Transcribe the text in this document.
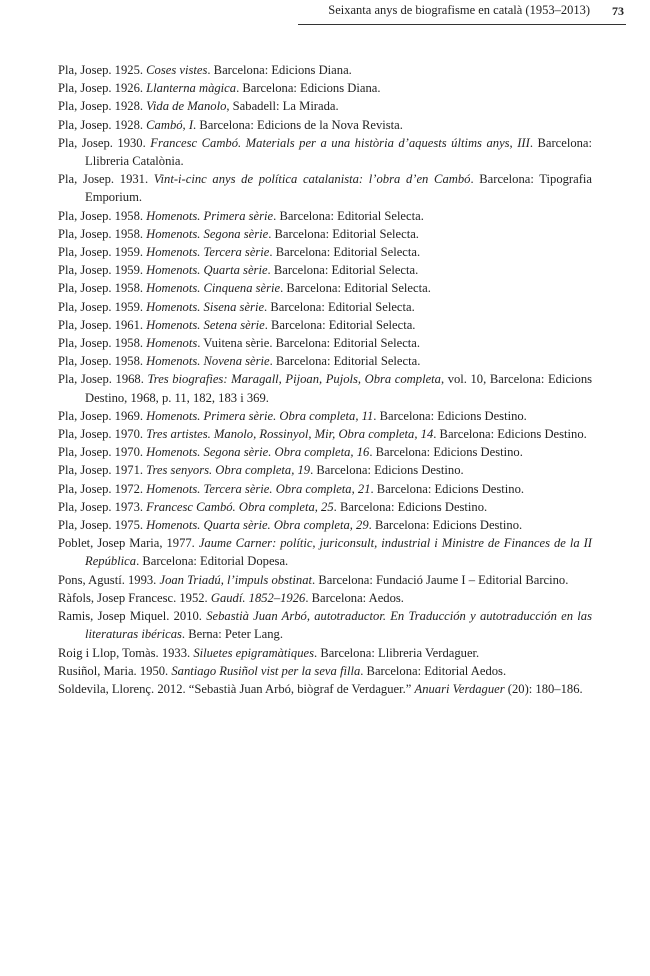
Seixanta anys de biografisme en català (1953–2013) 73

Pla, Josep. 1925. Coses vistes. Barcelona: Edicions Diana.

Pla, Josep. 1926. Llanterna màgica. Barcelona: Edicions Diana.

Pla, Josep. 1928. Vida de Manolo, Sabadell: La Mirada.

Pla, Josep. 1928. Cambó, I. Barcelona: Edicions de la Nova Revista.

Pla, Josep. 1930. Francesc Cambó. Materials per a una història d’aquests últims anys, III. Barcelona: Llibreria Catalònia.

Pla, Josep. 1931. Vint-i-cinc anys de política catalanista: l’obra d’en Cambó. Barcelona: Tipografia Emporium.

Pla, Josep. 1958. Homenots. Primera sèrie. Barcelona: Editorial Selecta.

Pla, Josep. 1958. Homenots. Segona sèrie. Barcelona: Editorial Selecta.

Pla, Josep. 1959. Homenots. Tercera sèrie. Barcelona: Editorial Selecta.

Pla, Josep. 1959. Homenots. Quarta sèrie. Barcelona: Editorial Selecta.

Pla, Josep. 1958. Homenots. Cinquena sèrie. Barcelona: Editorial Selecta.

Pla, Josep. 1959. Homenots. Sisena sèrie. Barcelona: Editorial Selecta.

Pla, Josep. 1961. Homenots. Setena sèrie. Barcelona: Editorial Selecta.

Pla, Josep. 1958. Homenots. Vuitena sèrie. Barcelona: Editorial Selecta.

Pla, Josep. 1958. Homenots. Novena sèrie. Barcelona: Editorial Selecta.

Pla, Josep. 1968. Tres biografies: Maragall, Pijoan, Pujols, Obra completa, vol. 10, Barcelona: Edicions Destino, 1968, p. 11, 182, 183 i 369.

Pla, Josep. 1969. Homenots. Primera sèrie. Obra completa, 11. Barcelona: Edicions Destino.

Pla, Josep. 1970. Tres artistes. Manolo, Rossinyol, Mir, Obra completa, 14. Barcelona: Edicions Destino.

Pla, Josep. 1970. Homenots. Segona sèrie. Obra completa, 16. Barcelona: Edicions Destino.

Pla, Josep. 1971. Tres senyors. Obra completa, 19. Barcelona: Edicions Destino.

Pla, Josep. 1972. Homenots. Tercera sèrie. Obra completa, 21. Barcelona: Edicions Destino.

Pla, Josep. 1973. Francesc Cambó. Obra completa, 25. Barcelona: Edicions Destino.

Pla, Josep. 1975. Homenots. Quarta sèrie. Obra completa, 29. Barcelona: Edicions Destino.

Poblet, Josep Maria, 1977. Jaume Carner: polític, juriconsult, industrial i Ministre de Finances de la II República. Barcelona: Editorial Dopesa.

Pons, Agustí. 1993. Joan Triadú, l’impuls obstinat. Barcelona: Fundació Jaume I – Editorial Barcino.

Ràfols, Josep Francesc. 1952. Gaudí. 1852–1926. Barcelona: Aedos.

Ramis, Josep Miquel. 2010. Sebastià Juan Arbó, autotraductor. En Traducción y autotraducción en las literaturas ibéricas. Berna: Peter Lang.

Roig i Llop, Tomàs. 1933. Siluetes epigramàtiques. Barcelona: Llibreria Verdaguer.

Rusiñol, Maria. 1950. Santiago Rusiñol vist per la seva filla. Barcelona: Editorial Aedos.

Soldevila, Llorenç. 2012. “Sebastià Juan Arbó, biògraf de Verdaguer.” Anuari Verdaguer (20): 180–186.
